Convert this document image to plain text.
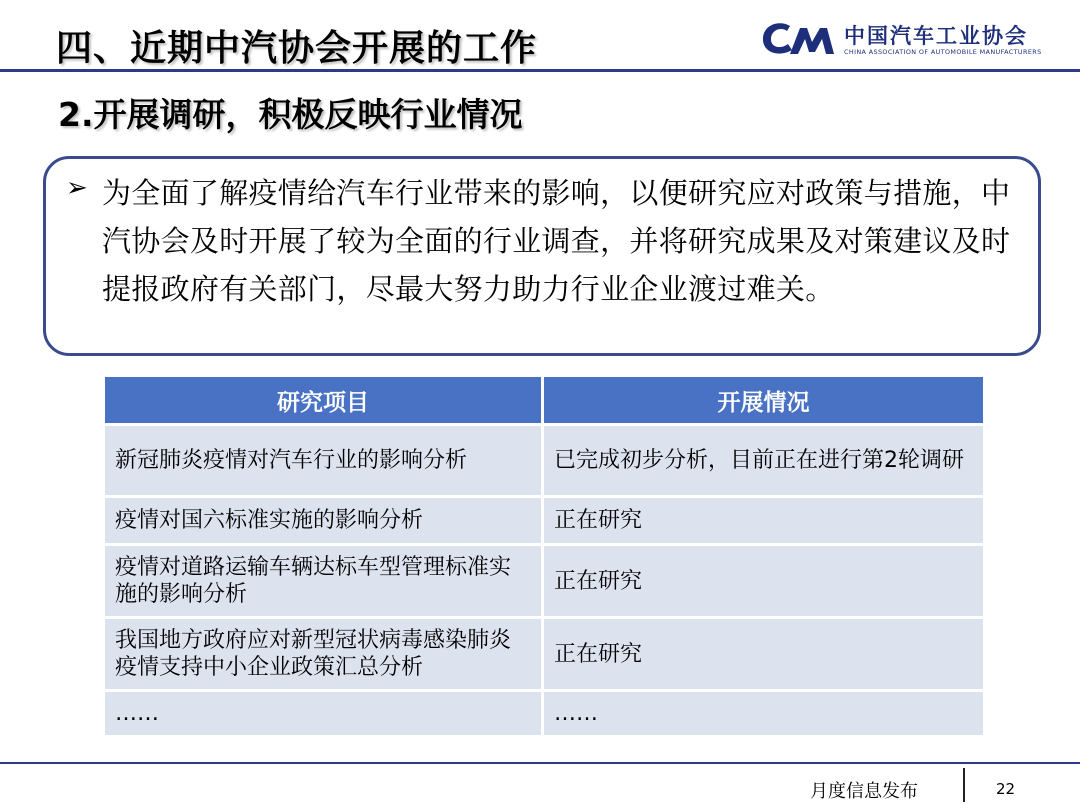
四、近期中汽协会开展的工作	中国汽车工业协会
CHINA ASSOCIATION OF AUTOMOBILE MANUFACTURERS
2.开展调研，积极反映行业情况
➢ 为全面了解疫情给汽车行业带来的影响，以便研究应对政策与措施，中汽协会及时开展了较为全面的行业调查，并将研究成果及对策建议及时提报政府有关部门，尽最大努力助力行业企业渡过难关。
研究项目	开展情况
新冠肺炎疫情对汽车行业的影响分析	已完成初步分析，目前正在进行第2轮调研
疫情对国六标准实施的影响分析	正在研究
疫情对道路运输车辆达标车型管理标准实施的影响分析	正在研究
我国地方政府应对新型冠状病毒感染肺炎疫情支持中小企业政策汇总分析	正在研究
……	……
月度信息发布	22
